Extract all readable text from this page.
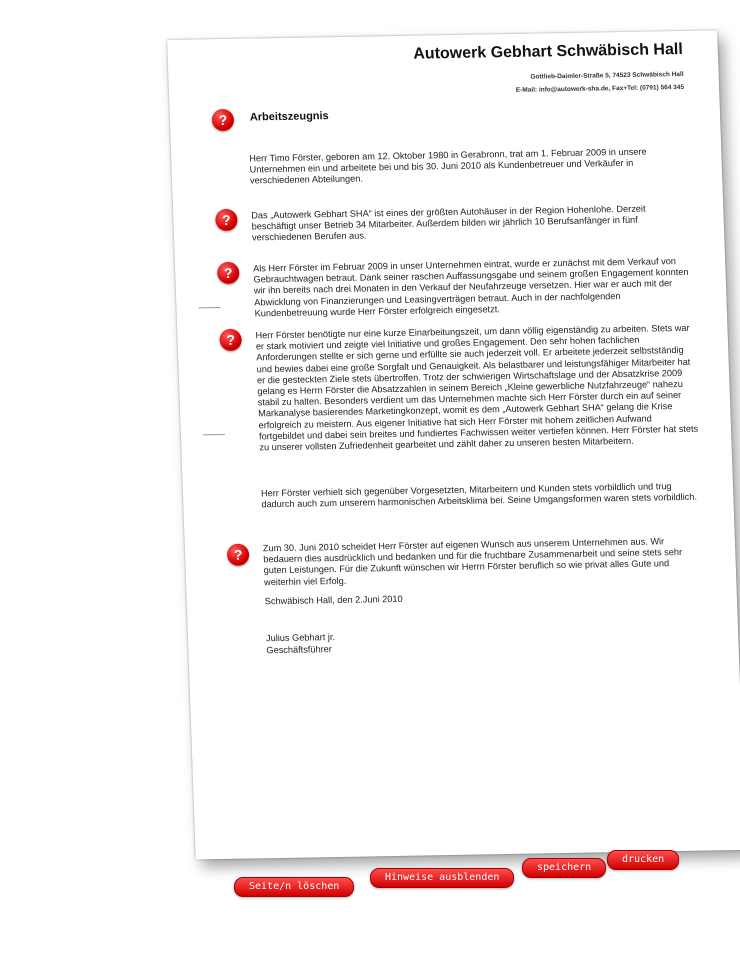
Autowerk Gebhart Schwäbisch Hall
Gottlieb-Daimler-Straße 5, 74523 Schwäbisch Hall
E-Mail: info@autowerk-sha.de, Fax+Tel: (0791) 564 345
?	Arbeitszeugnis
Herr Timo Förster, geboren am 12. Oktober 1980 in Gerabronn, trat am 1. Februar 2009 in unsere Unternehmen ein und arbeitete bei und bis 30. Juni 2010 als Kundenbetreuer und Verkäufer in verschiedenen Abteilungen.
?	Das „Autowerk Gebhart SHA“ ist eines der größten Autohäuser in der Region Hohenlohe. Derzeit beschäftigt unser Betrieb 34 Mitarbeiter. Außerdem bilden wir jährlich 10 Berufsanfänger in fünf verschiedenen Berufen aus.
?	Als Herr Förster im Februar 2009 in unser Unternehmen eintrat, wurde er zunächst mit dem Verkauf von Gebrauchtwagen betraut. Dank seiner raschen Auffassungsgabe und seinem großen Engagement konnten wir ihn bereits nach drei Monaten in den Verkauf der Neufahrzeuge versetzen. Hier war er auch mit der Abwicklung von Finanzierungen und Leasingverträgen betraut. Auch in der nachfolgenden Kundenbetreuung wurde Herr Förster erfolgreich eingesetzt.
?	Herr Förster benötigte nur eine kurze Einarbeitungszeit, um dann völlig eigenständig zu arbeiten. Stets war er stark motiviert und zeigte viel Initiative und großes Engagement. Den sehr hohen fachlichen Anforderungen stellte er sich gerne und erfüllte sie auch jederzeit voll. Er arbeitete jederzeit selbstständig und bewies dabei eine große Sorgfalt und Genauigkeit. Als belastbarer und leistungsfähiger Mitarbeiter hat er die gesteckten Ziele stets übertroffen. Trotz der schwierigen Wirtschaftslage und der Absatzkrise 2009 gelang es Herrn Förster die Absatzzahlen in seinem Bereich „Kleine gewerbliche Nutzfahrzeuge“ nahezu stabil zu halten. Besonders verdient um das Unternehmen machte sich Herr Förster durch ein auf seiner Markanalyse basierendes Marketingkonzept, womit es dem „Autowerk Gebhart SHA“ gelang die Krise erfolgreich zu meistern. Aus eigener Initiative hat sich Herr Förster mit hohem zeitlichen Aufwand fortgebildet und dabei sein breites und fundiertes Fachwissen weiter vertiefen können. Herr Förster hat stets zu unserer vollsten Zufriedenheit gearbeitet und zählt daher zu unseren besten Mitarbeitern.
Herr Förster verhielt sich gegenüber Vorgesetzten, Mitarbeitern und Kunden stets vorbildlich und trug dadurch auch zum unserem harmonischen Arbeitsklima bei. Seine Umgangsformen waren stets vorbildlich.
?
Zum 30. Juni 2010 scheidet Herr Förster auf eigenen Wunsch aus unserem Unternehmen aus. Wir bedauern dies ausdrücklich und bedanken und für die fruchtbare Zusammenarbeit und seine stets sehr guten Leistungen. Für die Zukunft wünschen wir Herrn Förster beruflich so wie privat alles Gute und weiterhin viel Erfolg.
Schwäbisch Hall, den 2.Juni 2010
Julius Gebhart jr.
Geschäftsführer
Seite/n löschen
Hinweise ausblenden
speichern
drucken
